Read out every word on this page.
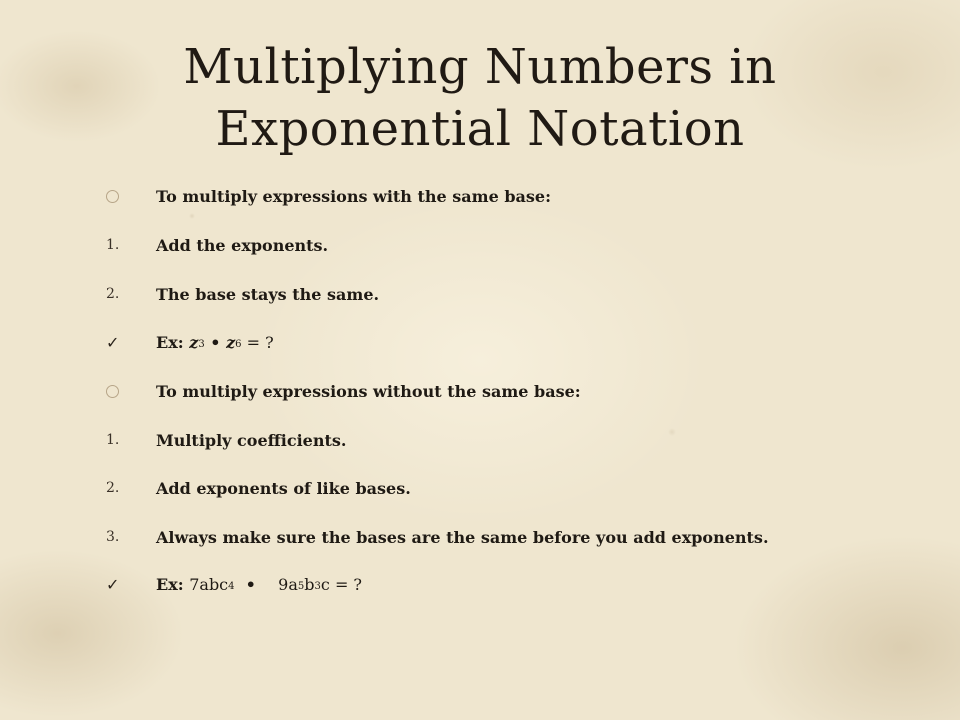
Multiplying Numbers in
Exponential Notation
To multiply expressions with the same base:
1. Add the exponents.
2. The base stays the same.
✓ Ex: $z^3$ • $z^6$ = ?
To multiply expressions without the same base:
1. Multiply coefficients.
2. Add exponents of like bases.
3. Always make sure the bases are the same before you add exponents.
✓ Ex: 7abc$^4$ • $9a^5$ $b^3$ c = ?
